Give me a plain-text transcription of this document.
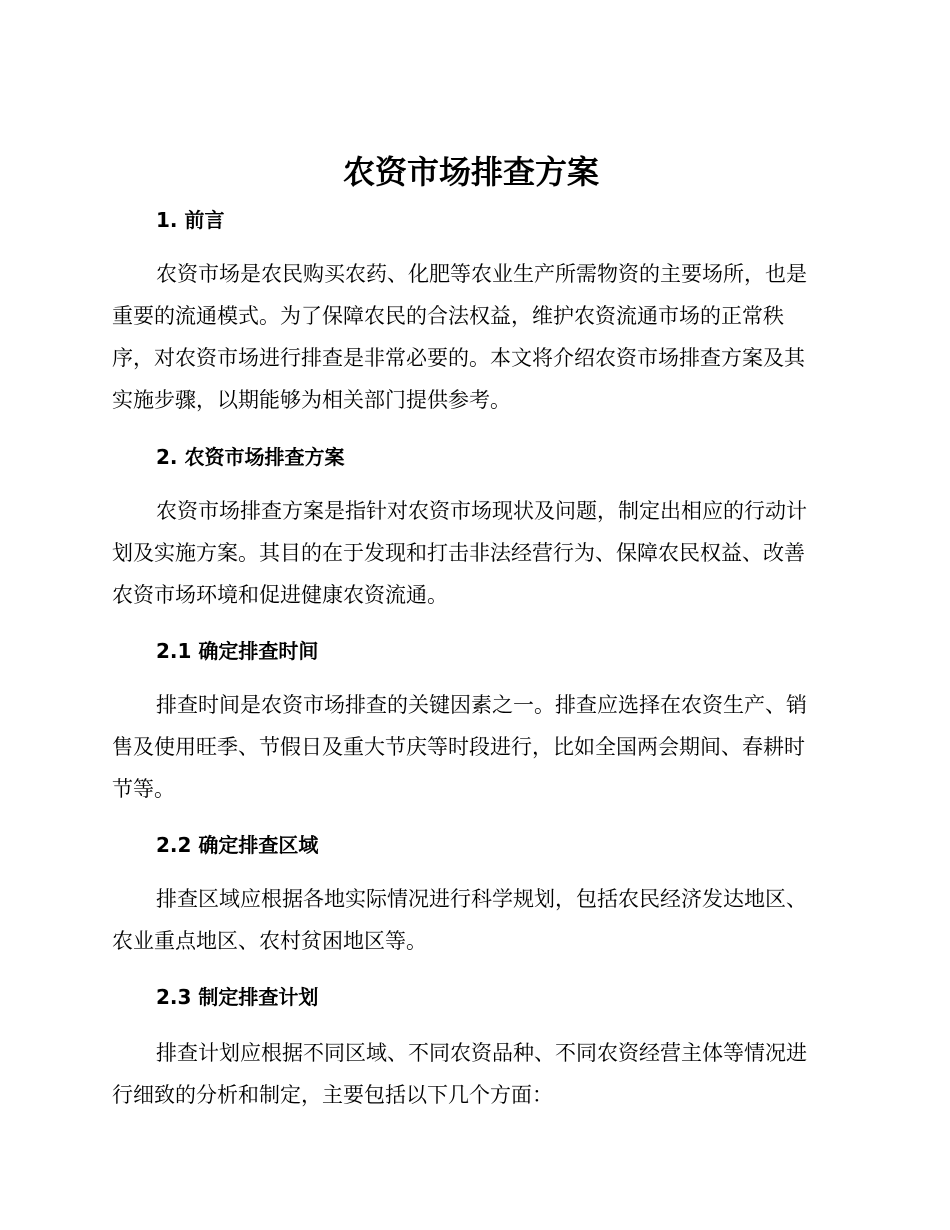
农资市场排查方案
1. 前言

农资市场是农民购买农药、化肥等农业生产所需物资的主要场所，也是
重要的流通模式。为了保障农民的合法权益，维护农资流通市场的正常秩
序，对农资市场进行排查是非常必要的。本文将介绍农资市场排查方案及其
实施步骤，以期能够为相关部门提供参考。

2. 农资市场排查方案

农资市场排查方案是指针对农资市场现状及问题，制定出相应的行动计
划及实施方案。其目的在于发现和打击非法经营行为、保障农民权益、改善
农资市场环境和促进健康农资流通。

2.1 确定排查时间

排查时间是农资市场排查的关键因素之一。排查应选择在农资生产、销
售及使用旺季、节假日及重大节庆等时段进行，比如全国两会期间、春耕时
节等。

2.2 确定排查区域

排查区域应根据各地实际情况进行科学规划，包括农民经济发达地区、
农业重点地区、农村贫困地区等。

2.3 制定排查计划

排查计划应根据不同区域、不同农资品种、不同农资经营主体等情况进
行细致的分析和制定，主要包括以下几个方面：
